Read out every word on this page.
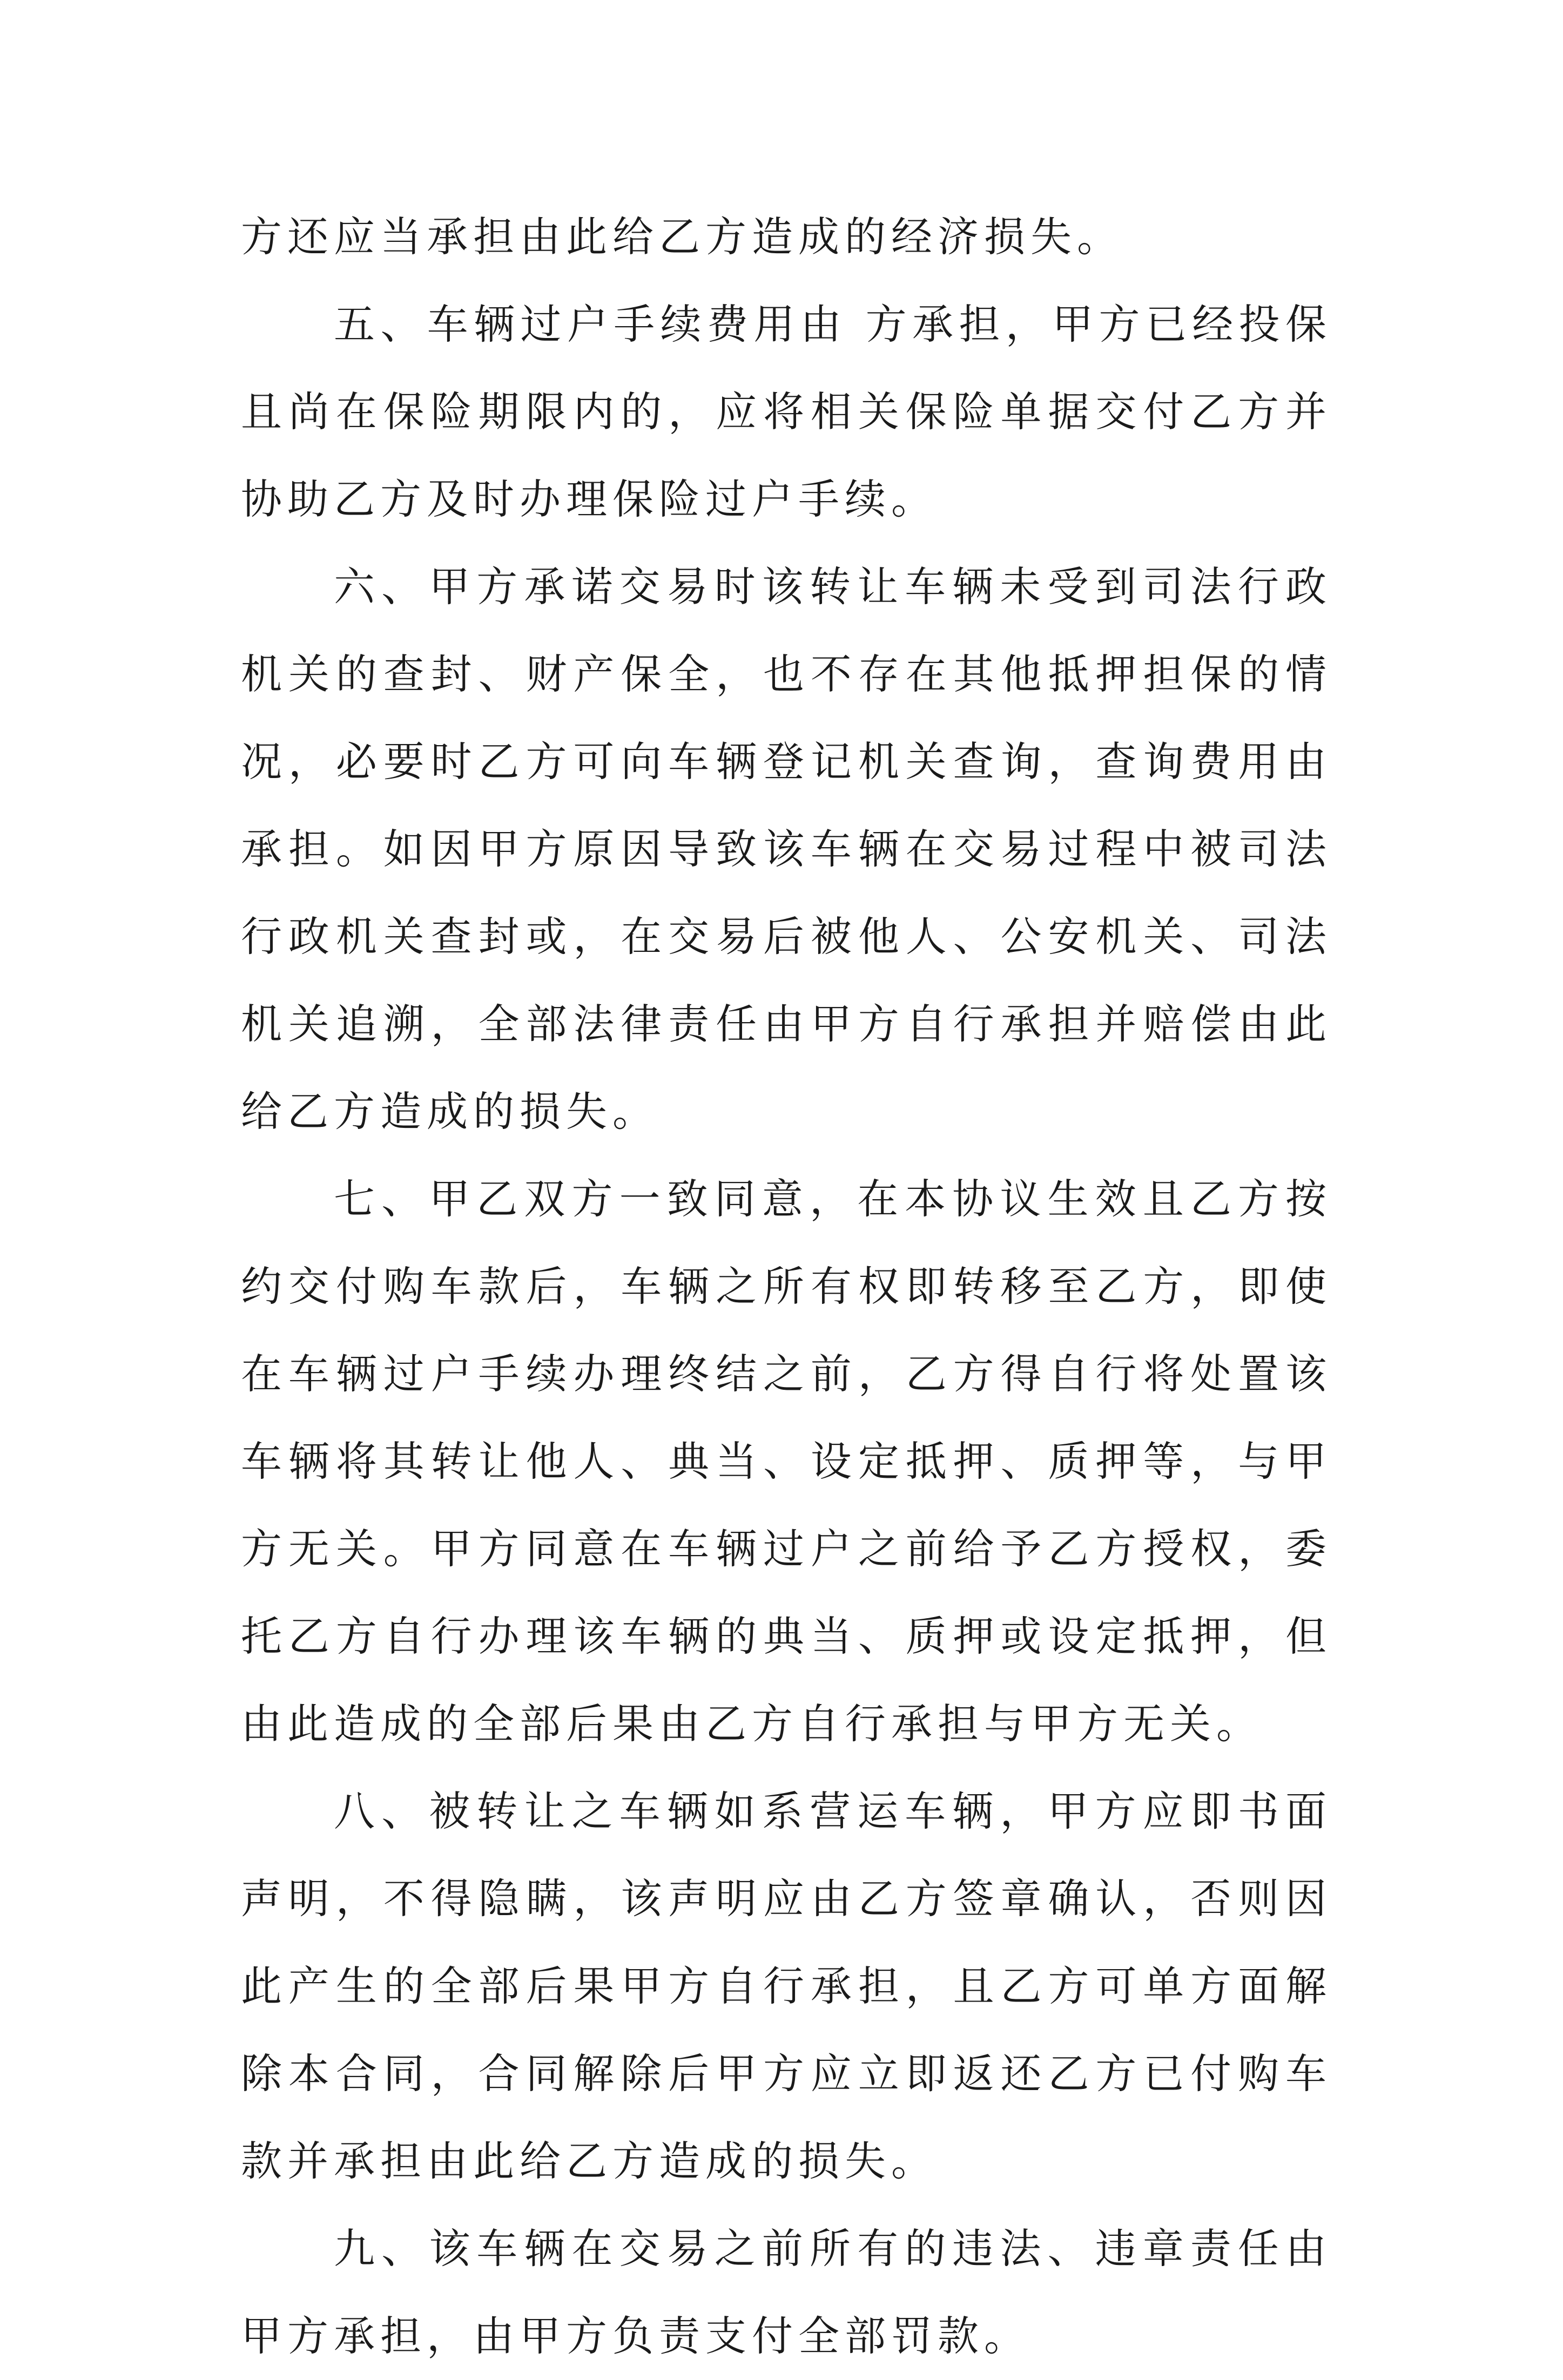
方还应当承担由此给乙方造成的经济损失。

五、车辆过户手续费用由 方承担，甲方已经投保且尚在保险期限内的，应将相关保险单据交付乙方并协助乙方及时办理保险过户手续。

六、甲方承诺交易时该转让车辆未受到司法行政机关的查封、财产保全，也不存在其他抵押担保的情况，必要时乙方可向车辆登记机关查询，查询费用由 承担。如因甲方原因导致该车辆在交易过程中被司法行政机关查封或，在交易后被他人、公安机关、司法机关追溯，全部法律责任由甲方自行承担并赔偿由此给乙方造成的损失。

七、甲乙双方一致同意，在本协议生效且乙方按约交付购车款后，车辆之所有权即转移至乙方，即使在车辆过户手续办理终结之前，乙方得自行将处置该车辆将其转让他人、典当、设定抵押、质押等，与甲方无关。甲方同意在车辆过户之前给予乙方授权，委托乙方自行办理该车辆的典当、质押或设定抵押，但由此造成的全部后果由乙方自行承担与甲方无关。

八、被转让之车辆如系营运车辆，甲方应即书面声明，不得隐瞒，该声明应由乙方签章确认，否则因此产生的全部后果甲方自行承担，且乙方可单方面解除本合同，合同解除后甲方应立即返还乙方已付购车款并承担由此给乙方造成的损失。

九、该车辆在交易之前所有的违法、违章责任由甲方承担，由甲方负责支付全部罚款。
